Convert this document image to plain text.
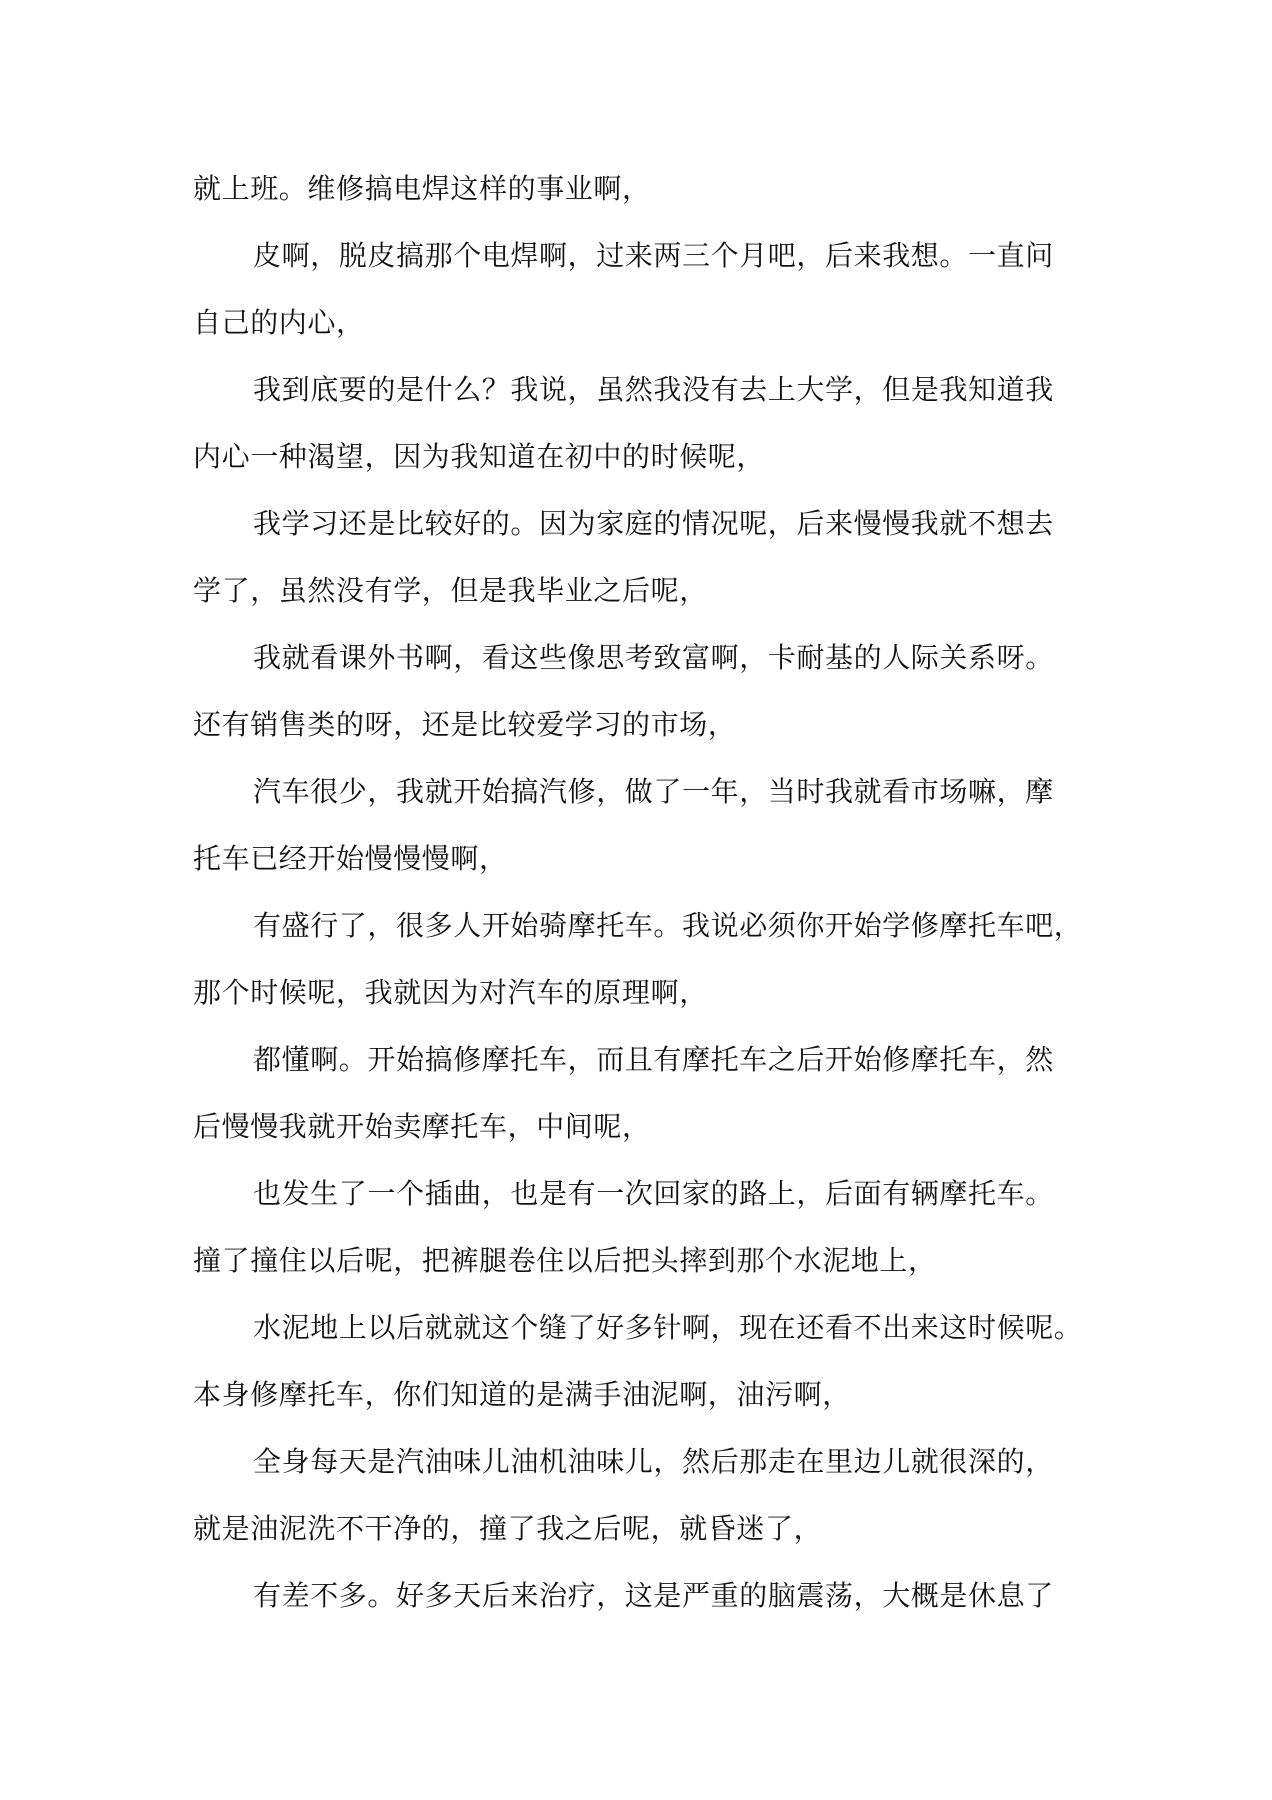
就上班。维修搞电焊这样的事业啊，

皮啊，脱皮搞那个电焊啊，过来两三个月吧，后来我想。一直问
自己的内心，

我到底要的是什么？我说，虽然我没有去上大学，但是我知道我
内心一种渴望，因为我知道在初中的时候呢，

我学习还是比较好的。因为家庭的情况呢，后来慢慢我就不想去
学了，虽然没有学，但是我毕业之后呢，

我就看课外书啊，看这些像思考致富啊，卡耐基的人际关系呀。
还有销售类的呀，还是比较爱学习的市场，

汽车很少，我就开始搞汽修，做了一年，当时我就看市场嘛，摩
托车已经开始慢慢慢啊，

有盛行了，很多人开始骑摩托车。我说必须你开始学修摩托车吧，
那个时候呢，我就因为对汽车的原理啊，

都懂啊。开始搞修摩托车，而且有摩托车之后开始修摩托车，然
后慢慢我就开始卖摩托车，中间呢，

也发生了一个插曲，也是有一次回家的路上，后面有辆摩托车。
撞了撞住以后呢，把裤腿卷住以后把头摔到那个水泥地上，

水泥地上以后就就这个缝了好多针啊，现在还看不出来这时候呢。
本身修摩托车，你们知道的是满手油泥啊，油污啊，

全身每天是汽油味儿油机油味儿，然后那走在里边儿就很深的，
就是油泥洗不干净的，撞了我之后呢，就昏迷了，

有差不多。好多天后来治疗，这是严重的脑震荡，大概是休息了
